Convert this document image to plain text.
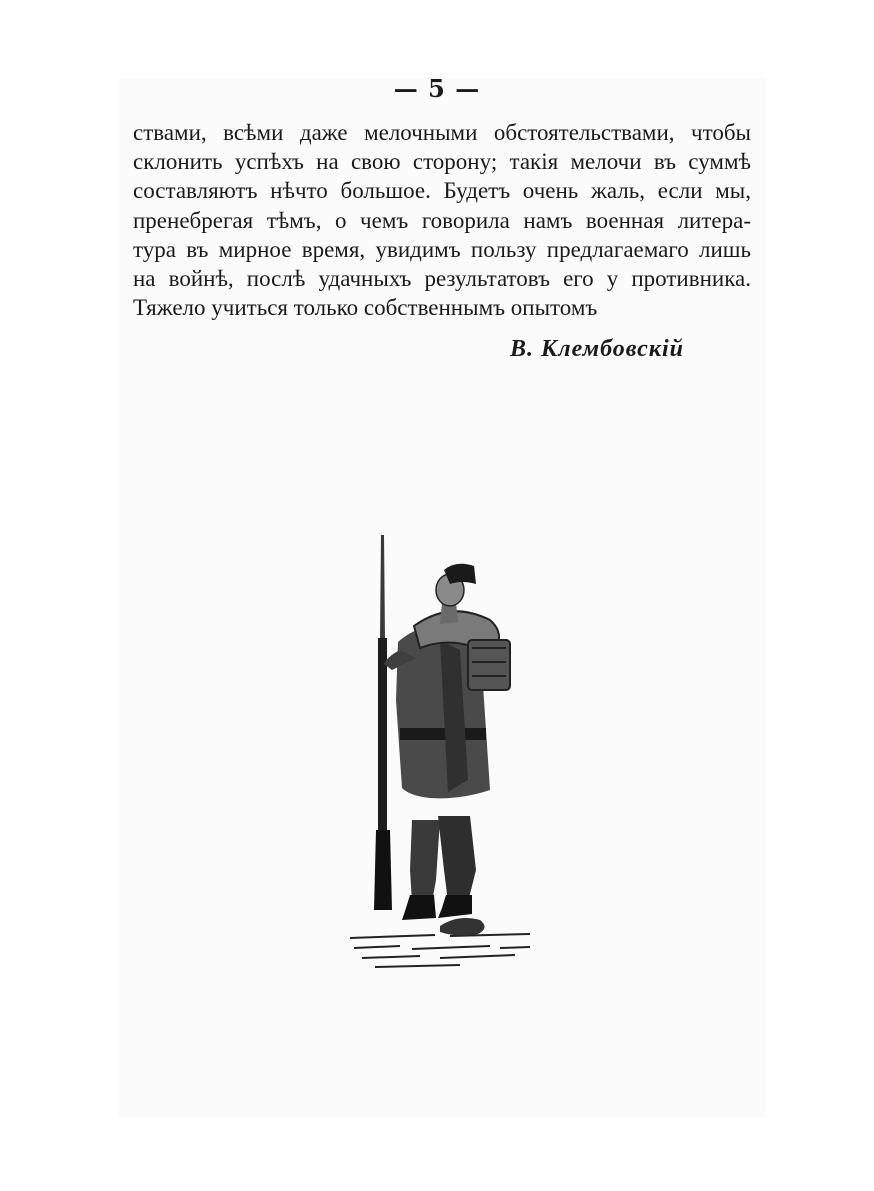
— 5 —
ствами, всѣми даже мелочными обстоятельствами, чтобы
склонить успѣхъ на свою сторону; такія мелочи въ суммѣ
составляютъ нѣчто большое. Будетъ очень жаль, если мы,
пренебрегая тѣмъ, о чемъ говорила намъ военная литера-
тура въ мирное время, увидимъ пользу предлагаемаго лишь
на войнѣ, послѣ удачныхъ результатовъ его у противника.
Тяжело учиться только собственнымъ опытомъ
В. Клембовскій
